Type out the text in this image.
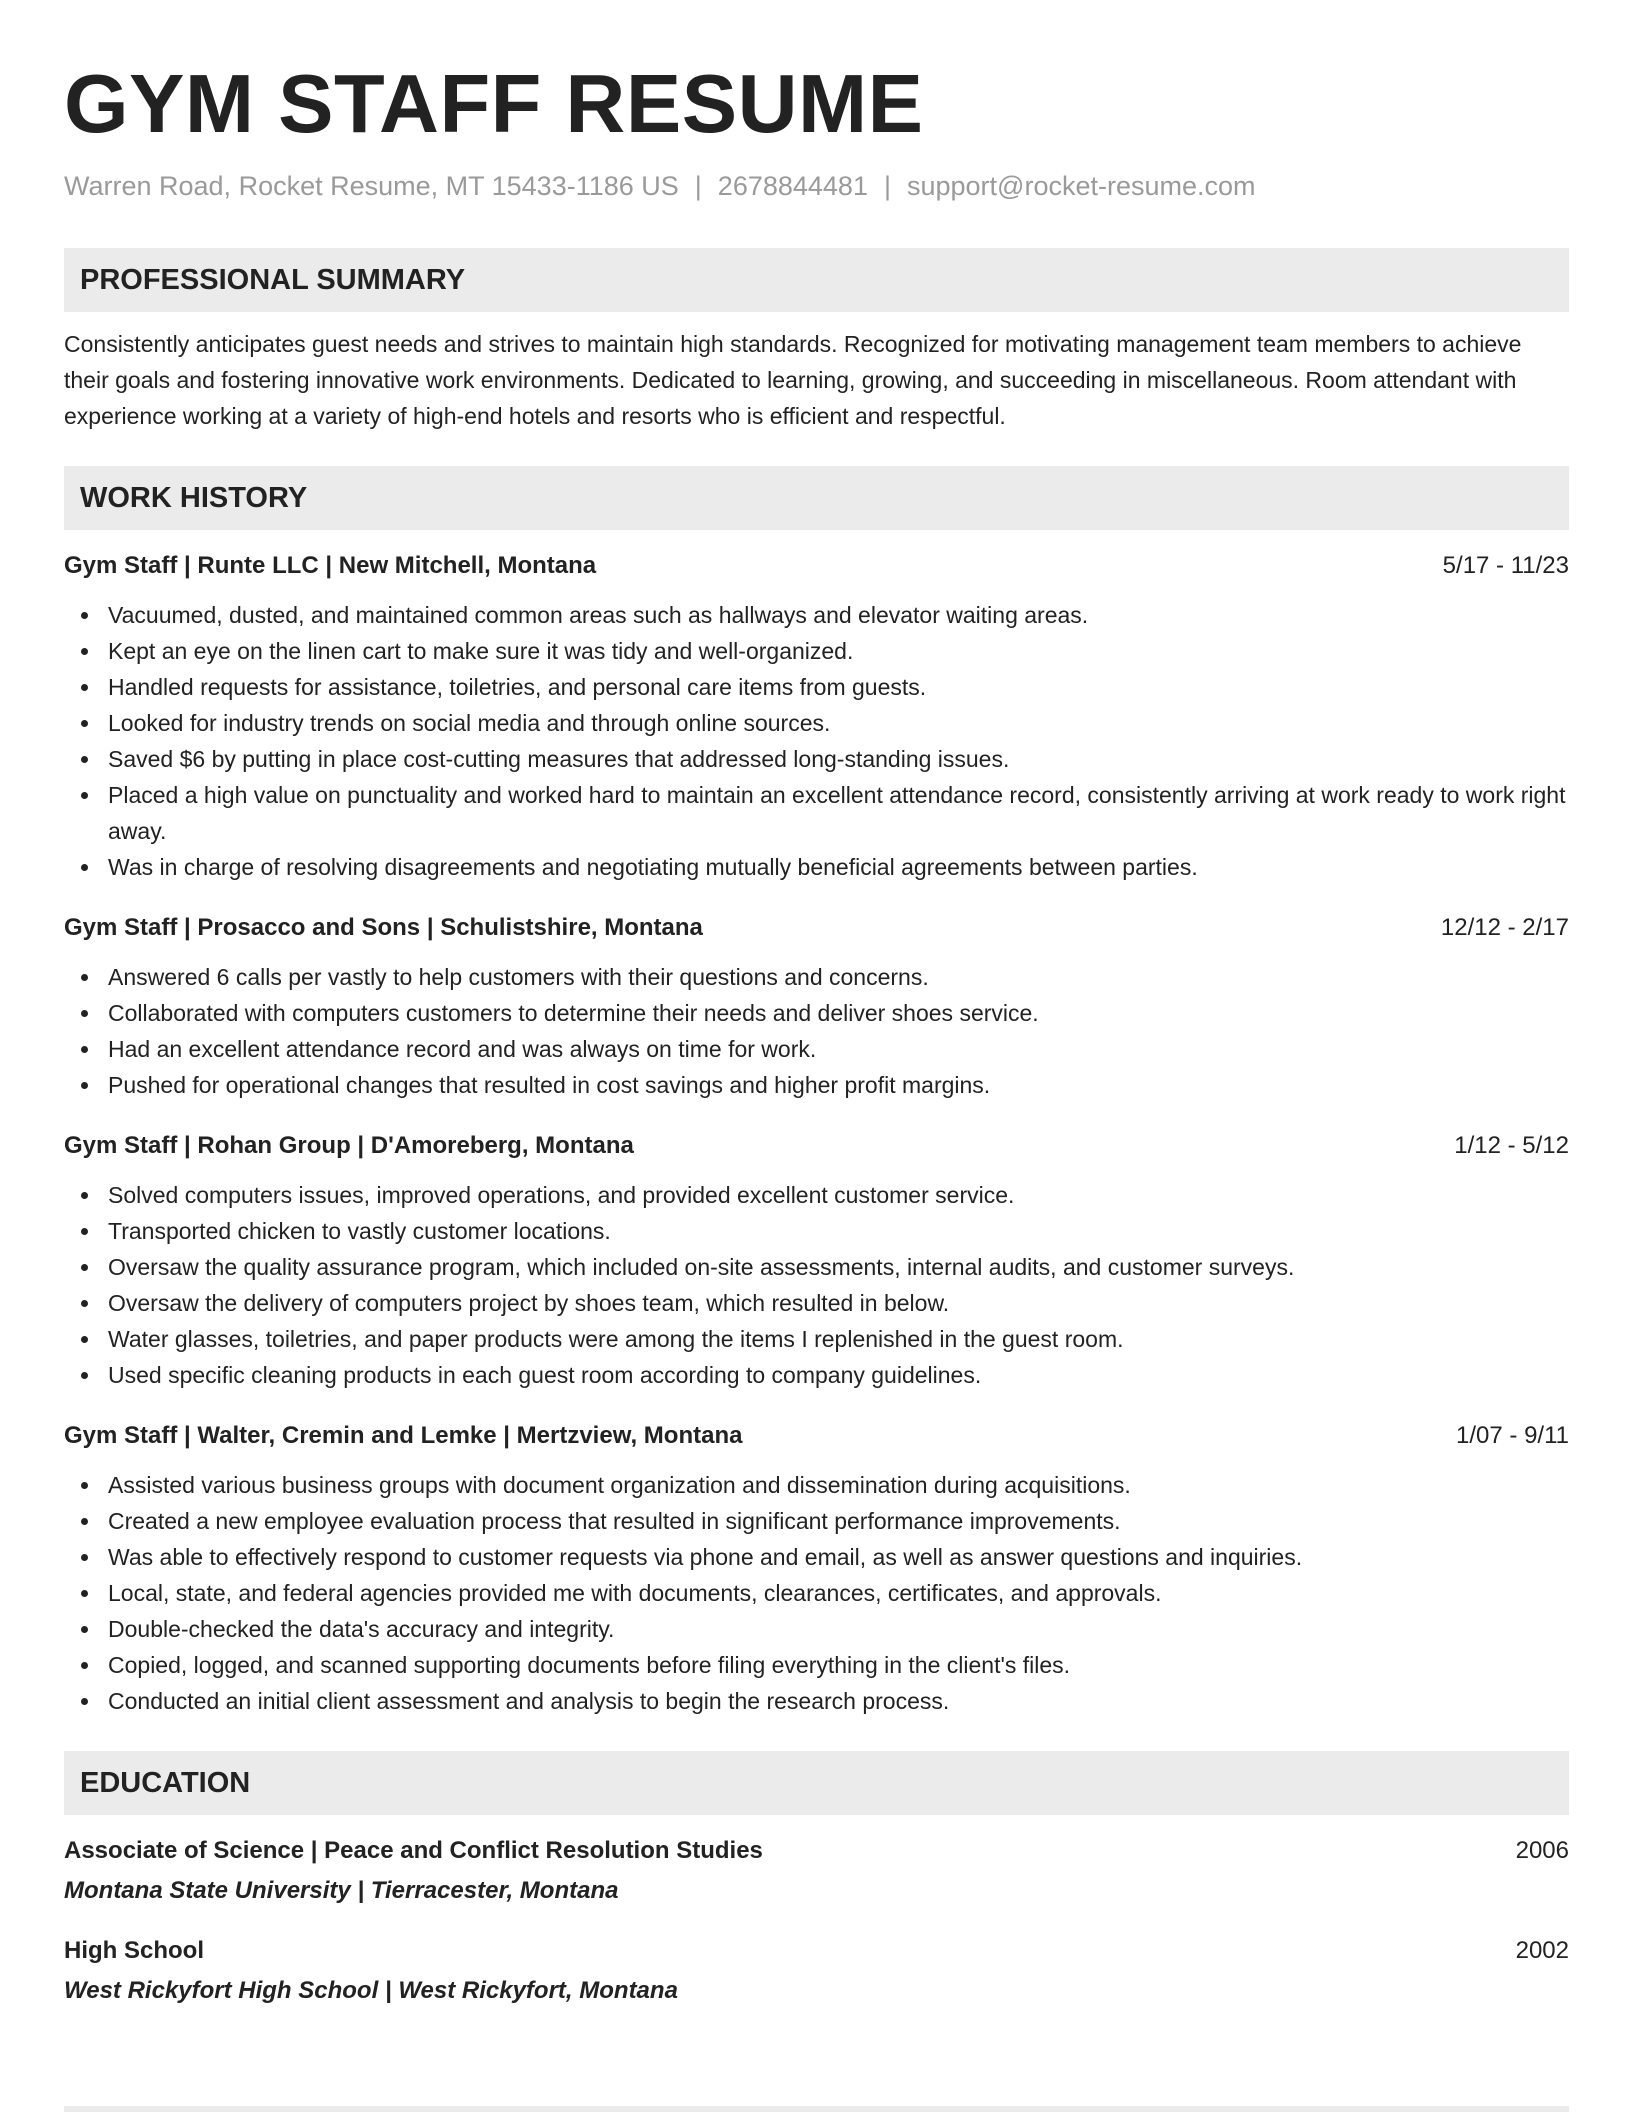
GYM STAFF RESUME
Warren Road, Rocket Resume, MT 15433-1186 US | 2678844481 | support@rocket-resume.com
PROFESSIONAL SUMMARY

Consistently anticipates guest needs and strives to maintain high standards. Recognized for motivating management team members to achieve their goals and fostering innovative work environments. Dedicated to learning, growing, and succeeding in miscellaneous. Room attendant with experience working at a variety of high-end hotels and resorts who is efficient and respectful.

WORK HISTORY
Gym Staff | Runte LLC | New Mitchell, Montana	5/17 - 11/23
Vacuumed, dusted, and maintained common areas such as hallways and elevator waiting areas.
Kept an eye on the linen cart to make sure it was tidy and well-organized.
Handled requests for assistance, toiletries, and personal care items from guests.
Looked for industry trends on social media and through online sources.
Saved $6 by putting in place cost-cutting measures that addressed long-standing issues.
Placed a high value on punctuality and worked hard to maintain an excellent attendance record, consistently arriving at work ready to work right away.
Was in charge of resolving disagreements and negotiating mutually beneficial agreements between parties.
Gym Staff | Prosacco and Sons | Schulistshire, Montana	12/12 - 2/17
Answered 6 calls per vastly to help customers with their questions and concerns.
Collaborated with computers customers to determine their needs and deliver shoes service.
Had an excellent attendance record and was always on time for work.
Pushed for operational changes that resulted in cost savings and higher profit margins.
Gym Staff | Rohan Group | D'Amoreberg, Montana	1/12 - 5/12
Solved computers issues, improved operations, and provided excellent customer service.
Transported chicken to vastly customer locations.
Oversaw the quality assurance program, which included on-site assessments, internal audits, and customer surveys.
Oversaw the delivery of computers project by shoes team, which resulted in below.
Water glasses, toiletries, and paper products were among the items I replenished in the guest room.
Used specific cleaning products in each guest room according to company guidelines.
Gym Staff | Walter, Cremin and Lemke | Mertzview, Montana	1/07 - 9/11
Assisted various business groups with document organization and dissemination during acquisitions.
Created a new employee evaluation process that resulted in significant performance improvements.
Was able to effectively respond to customer requests via phone and email, as well as answer questions and inquiries.
Local, state, and federal agencies provided me with documents, clearances, certificates, and approvals.
Double-checked the data's accuracy and integrity.
Copied, logged, and scanned supporting documents before filing everything in the client's files.
Conducted an initial client assessment and analysis to begin the research process.
EDUCATION
Associate of Science | Peace and Conflict Resolution Studies	2006
Montana State University | Tierracester, Montana
High School	2002
West Rickyfort High School | West Rickyfort, Montana
